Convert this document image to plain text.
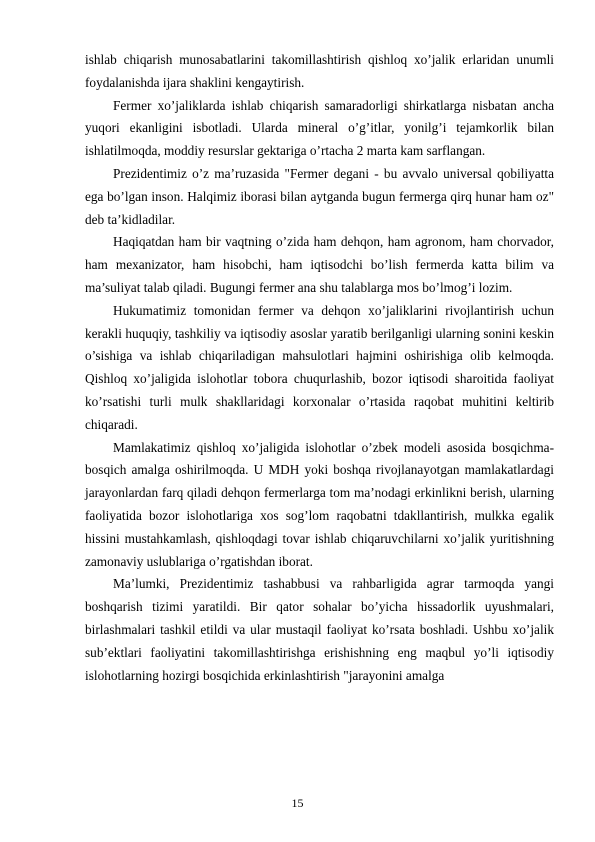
ishlab chiqarish munosabatlarini takomillashtirish qishloq xo’jalik erlaridan unumli foydalanishda ijara shaklini kengaytirish.

Fermer xo’jaliklarda ishlab chiqarish samaradorligi shirkatlarga nisbatan ancha yuqori ekanligini isbotladi. Ularda mineral o’g’itlar, yonilg’i tejamkorlik bilan ishlatilmoqda, moddiy resurslar gektariga o’rtacha 2 marta kam sarflangan.

Prezidentimiz o’z ma’ruzasida "Fermer degani - bu avvalo universal qobiliyatta ega bo’lgan inson. Halqimiz iborasi bilan aytganda bugun fermerga qirq hunar ham oz" deb ta’kidladilar.

Haqiqatdan ham bir vaqtning o’zida ham dehqon, ham agronom, ham chorvador, ham mexanizator, ham hisobchi, ham iqtisodchi bo’lish fermerda katta bilim va ma’suliyat talab qiladi. Bugungi fermer ana shu talablarga mos bo’lmog’i lozim.

Hukumatimiz tomonidan fermer va dehqon xo’jaliklarini rivojlantirish uchun kerakli huquqiy, tashkiliy va iqtisodiy asoslar yaratib berilganligi ularning sonini keskin o’sishiga va ishlab chiqariladigan mahsulotlari hajmini oshirishiga olib kelmoqda. Qishloq xo’jaligida islohotlar tobora chuqurlashib, bozor iqtisodi sharoitida faoliyat ko’rsatishi turli mulk shakllaridagi korxonalar o’rtasida raqobat muhitini keltirib chiqaradi.

Mamlakatimiz qishloq xo’jaligida islohotlar o’zbek modeli asosida bosqichma-bosqich amalga oshirilmoqda. U MDH yoki boshqa rivojlanayotgan mamlakatlardagi jarayonlardan farq qiladi dehqon fermerlarga tom ma’nodagi erkinlikni berish, ularning faoliyatida bozor islohotlariga xos sog’lom raqobatni tdakllantirish, mulkka egalik hissini mustahkamlash, qishloqdagi tovar ishlab chiqaruvchilarni xo’jalik yuritishning zamonaviy uslublariga o’rgatishdan iborat.

Ma’lumki, Prezidentimiz tashabbusi va rahbarligida agrar tarmoqda yangi boshqarish tizimi yaratildi. Bir qator sohalar bo’yicha hissadorlik uyushmalari, birlashmalari tashkil etildi va ular mustaqil faoliyat ko’rsata boshladi. Ushbu xo’jalik sub’ektlari faoliyatini takomillashtirishga erishishning eng maqbul yo’li iqtisodiy islohotlarning hozirgi bosqichida erkinlashtirish "jarayonini amalga

15
